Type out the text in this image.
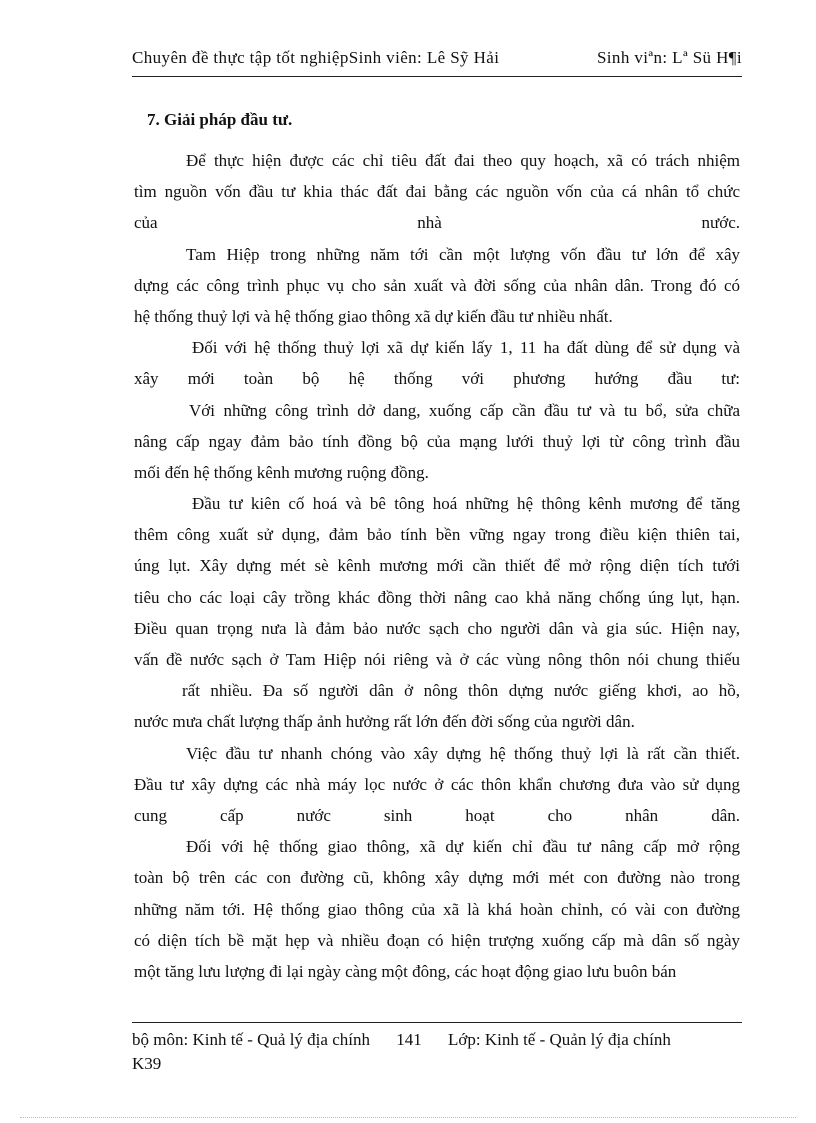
Chuyên đề thực tập tốt nghiệpSinh viên: Lê Sỹ Hải	Sinh viªn: Lª Sü H¶i
7. Giải pháp đầu tư.
Để thực hiện được các chỉ tiêu đất đai theo quy hoạch, xã có trách nhiệm
tìm nguồn vốn đầu tư khia thác đất đai bằng các nguồn vốn của cá nhân tổ chức
của nhà nước.
Tam Hiệp trong những năm tới cần một lượng vốn đầu tư lớn để xây
dựng các công trình phục vụ cho sản xuất và đời sống của nhân dân. Trong đó có
hệ thống thuỷ lợi và hệ thống giao thông xã dự kiến đầu tư nhiều nhất.
Đối với hệ thống thuỷ lợi xã dự kiến lấy 1, 11 ha đất dùng để sử dụng và
xây mới toàn bộ hệ thống với phương hướng đầu tư:
Với những công trình dở dang, xuống cấp cần đầu tư và tu bổ, sửa chữa
nâng cấp ngay đảm bảo tính đồng bộ của mạng lưới thuỷ lợi từ công trình đầu
mối đến hệ thống kênh mương ruộng đồng.
Đầu tư kiên cố hoá và bê tông hoá những hệ thông kênh mương để tăng
thêm công xuất sử dụng, đảm bảo tính bền vững ngay trong điều kiện thiên tai,
úng lụt. Xây dựng mét sè kênh mương mới cần thiết để mở rộng diện tích tưới
tiêu cho các loại cây trồng khác đồng thời nâng cao khả năng chống úng lụt, hạn.
Điều quan trọng nưa là đảm bảo nước sạch cho người dân và gia súc. Hiện nay,
vấn đề nước sạch ở Tam Hiệp nói riêng và ở các vùng nông thôn nói chung thiếu
rất nhiều. Đa số người dân ở nông thôn dựng nước giếng khơi, ao hồ,
nước mưa chất lượng thấp ảnh hưởng rất lớn đến đời sống của người dân.
Việc đầu tư nhanh chóng vào xây dựng hệ thống thuỷ lợi là rất cần thiết.
Đầu tư xây dựng các nhà máy lọc nước ở các thôn khẩn chương đưa vào sử dụng
cung cấp nước sinh hoạt cho nhân dân.
Đối với hệ thống giao thông, xã dự kiến chỉ đầu tư nâng cấp mở rộng
toàn bộ trên các con đường cũ, không xây dựng mới mét con đường nào trong
những năm tới. Hệ thống giao thông của xã là khá hoàn chỉnh, có vài con đường
có diện tích bề mặt hẹp và nhiều đoạn có hiện trượng xuống cấp mà dân số ngày
một tăng lưu lượng đi lại ngày càng một đông, các hoạt động giao lưu buôn bán
bộ môn: Kinh tế - Quả lý địa chính 141 Lớp: Kinh tế - Quản lý địa chính
K39
